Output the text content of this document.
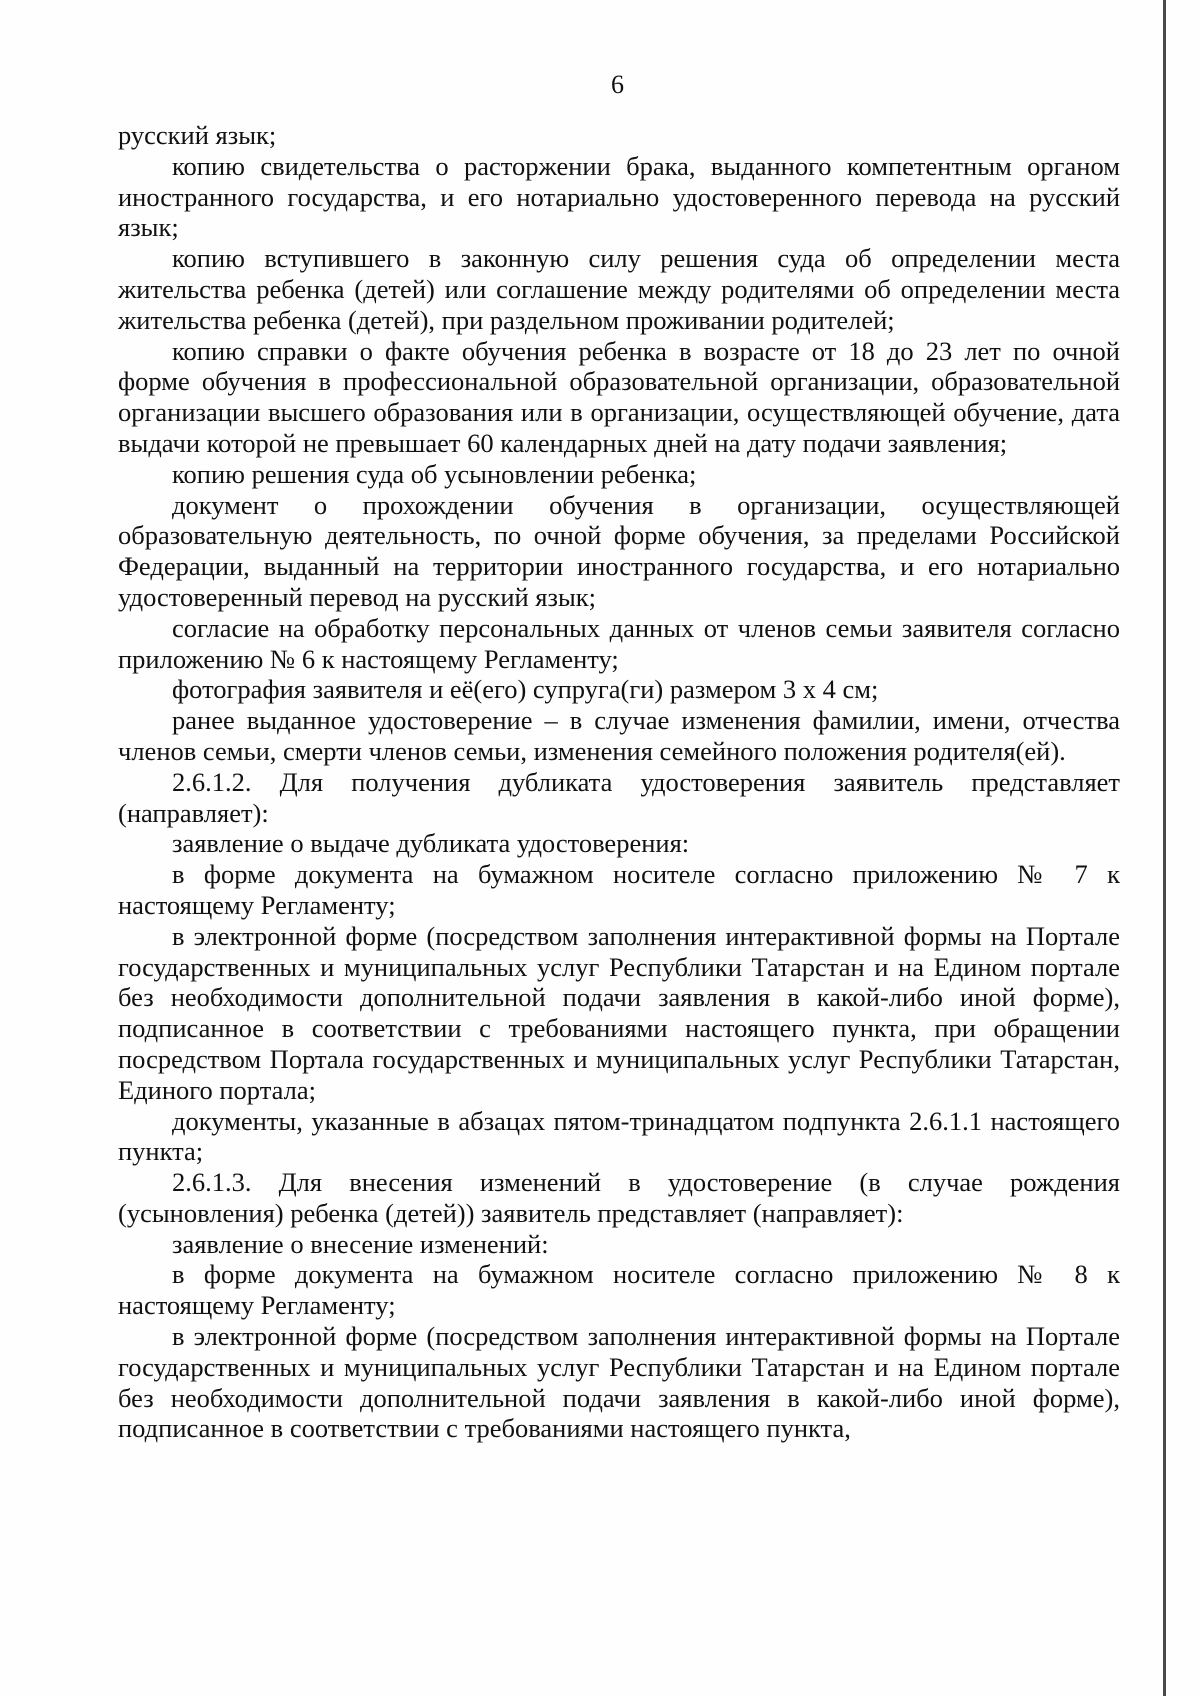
6

русский язык;

копию свидетельства о расторжении брака, выданного компетентным органом иностранного государства, и его нотариально удостоверенного перевода на русский язык;

копию вступившего в законную силу решения суда об определении места жительства ребенка (детей) или соглашение между родителями об определении места жительства ребенка (детей), при раздельном проживании родителей;

копию справки о факте обучения ребенка в возрасте от 18 до 23 лет по очной форме обучения в профессиональной образовательной организации, образовательной организации высшего образования или в организации, осуществляющей обучение, дата выдачи которой не превышает 60 календарных дней на дату подачи заявления;

копию решения суда об усыновлении ребенка;

документ о прохождении обучения в организации, осуществляющей образовательную деятельность, по очной форме обучения, за пределами Российской Федерации, выданный на территории иностранного государства, и его нотариально удостоверенный перевод на русский язык;

согласие на обработку персональных данных от членов семьи заявителя согласно приложению № 6 к настоящему Регламенту;

фотография заявителя и её(его) супруга(ги) размером 3 х 4 см;

ранее выданное удостоверение – в случае изменения фамилии, имени, отчества членов семьи, смерти членов семьи, изменения семейного положения родителя(ей).

2.6.1.2. Для получения дубликата удостоверения заявитель представляет (направляет):

заявление о выдаче дубликата удостоверения:

в форме документа на бумажном носителе согласно приложению № 7 к настоящему Регламенту;

в электронной форме (посредством заполнения интерактивной формы на Портале государственных и муниципальных услуг Республики Татарстан и на Едином портале без необходимости дополнительной подачи заявления в какой-либо иной форме), подписанное в соответствии с требованиями настоящего пункта, при обращении посредством Портала государственных и муниципальных услуг Республики Татарстан, Единого портала;

документы, указанные в абзацах пятом-тринадцатом подпункта 2.6.1.1 настоящего пункта;

2.6.1.3. Для внесения изменений в удостоверение (в случае рождения (усыновления) ребенка (детей)) заявитель представляет (направляет):

заявление о внесение изменений:

в форме документа на бумажном носителе согласно приложению № 8 к настоящему Регламенту;

в электронной форме (посредством заполнения интерактивной формы на Портале государственных и муниципальных услуг Республики Татарстан и на Едином портале без необходимости дополнительной подачи заявления в какой-либо иной форме), подписанное в соответствии с требованиями настоящего пункта,
